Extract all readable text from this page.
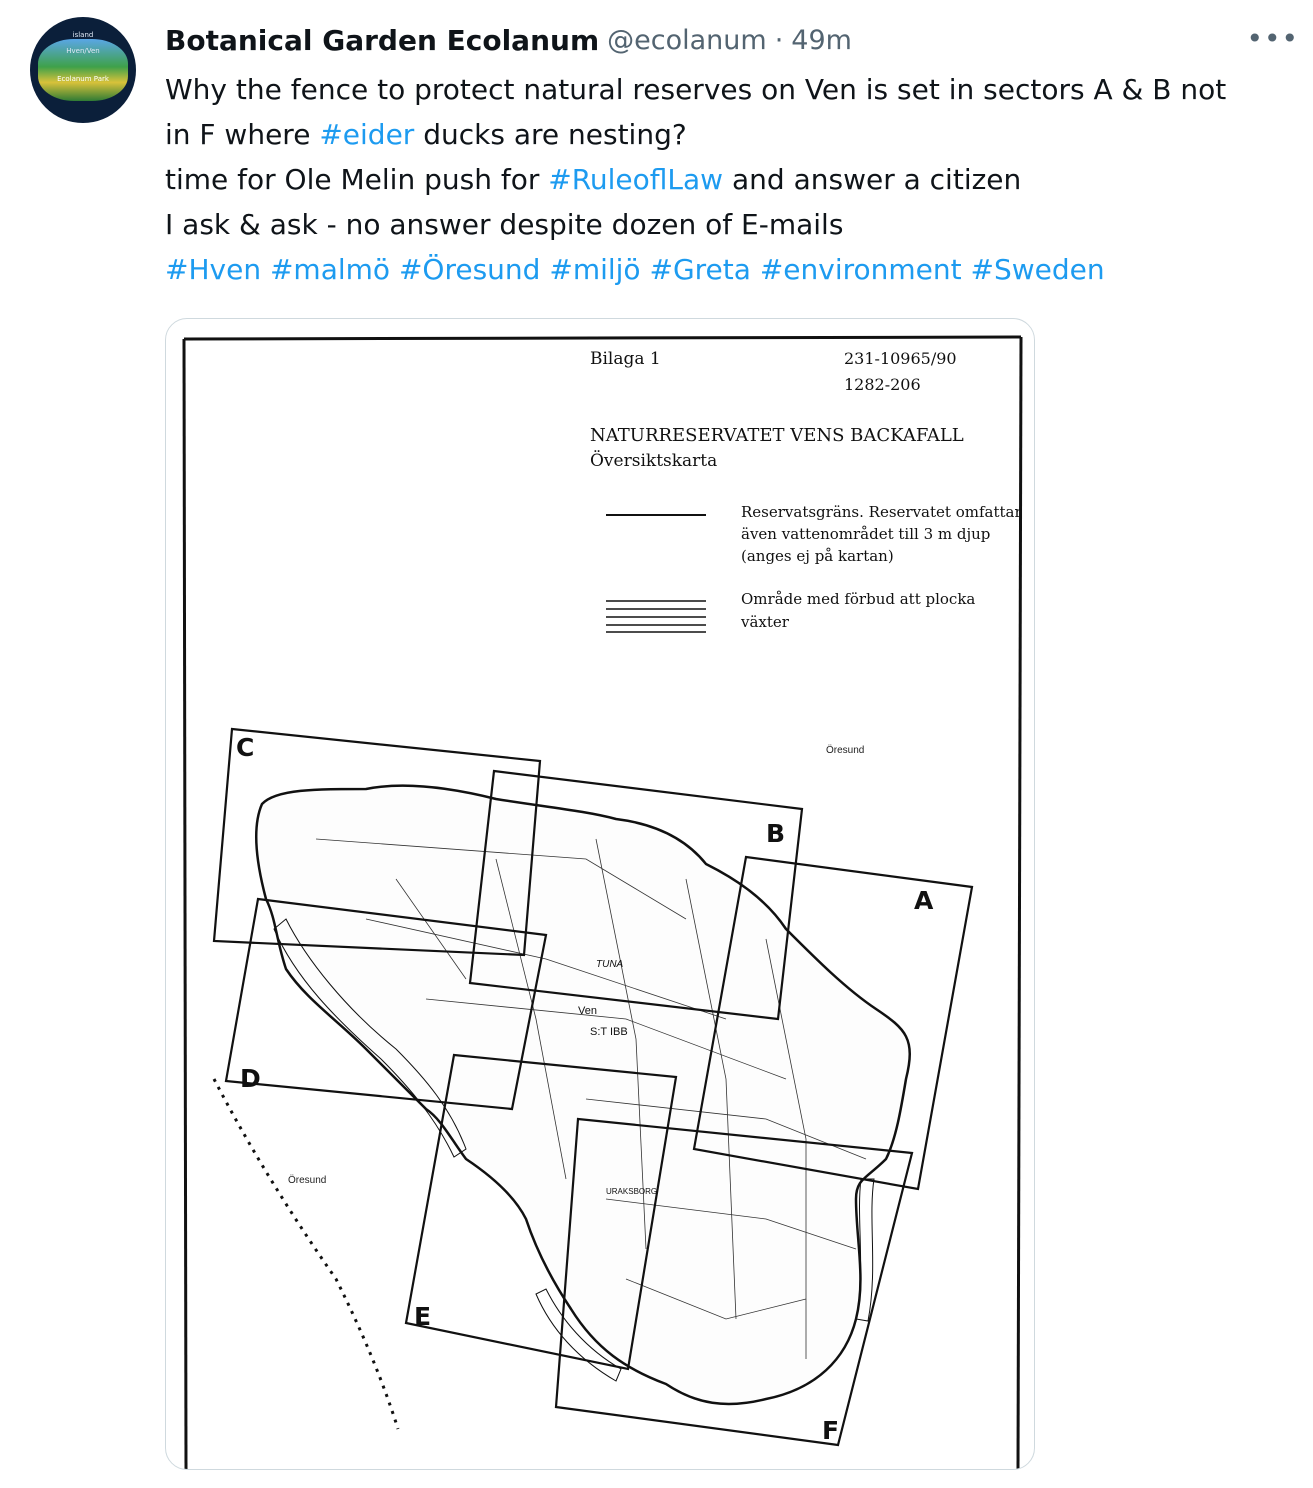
island
Hven/Ven
Ecolanum Park
Botanical Garden Ecolanum @ecolanum · 49m	•••
Why the fence to protect natural reserves on Ven is set in sectors A & B not
in F where #eider ducks are nesting?
time for Ole Melin push for #RuleoflLaw and answer a citizen
I ask & ask - no answer despite dozen of E-mails
#Hven #malmö #Öresund #miljö #Greta #environment #Sweden
Bilaga 1	231-10965/90
1282-206
NATURRESERVATET VENS BACKAFALL
Översiktskarta
Reservatsgräns. Reservatet omfattar
även vattenområdet till 3 m djup
(anges ej på kartan)
Område med förbud att plocka
växter
Öresund
Öresund
TUNA
Ven
S:T IBB
URAKSBORG
C
B
A
D
E
F
